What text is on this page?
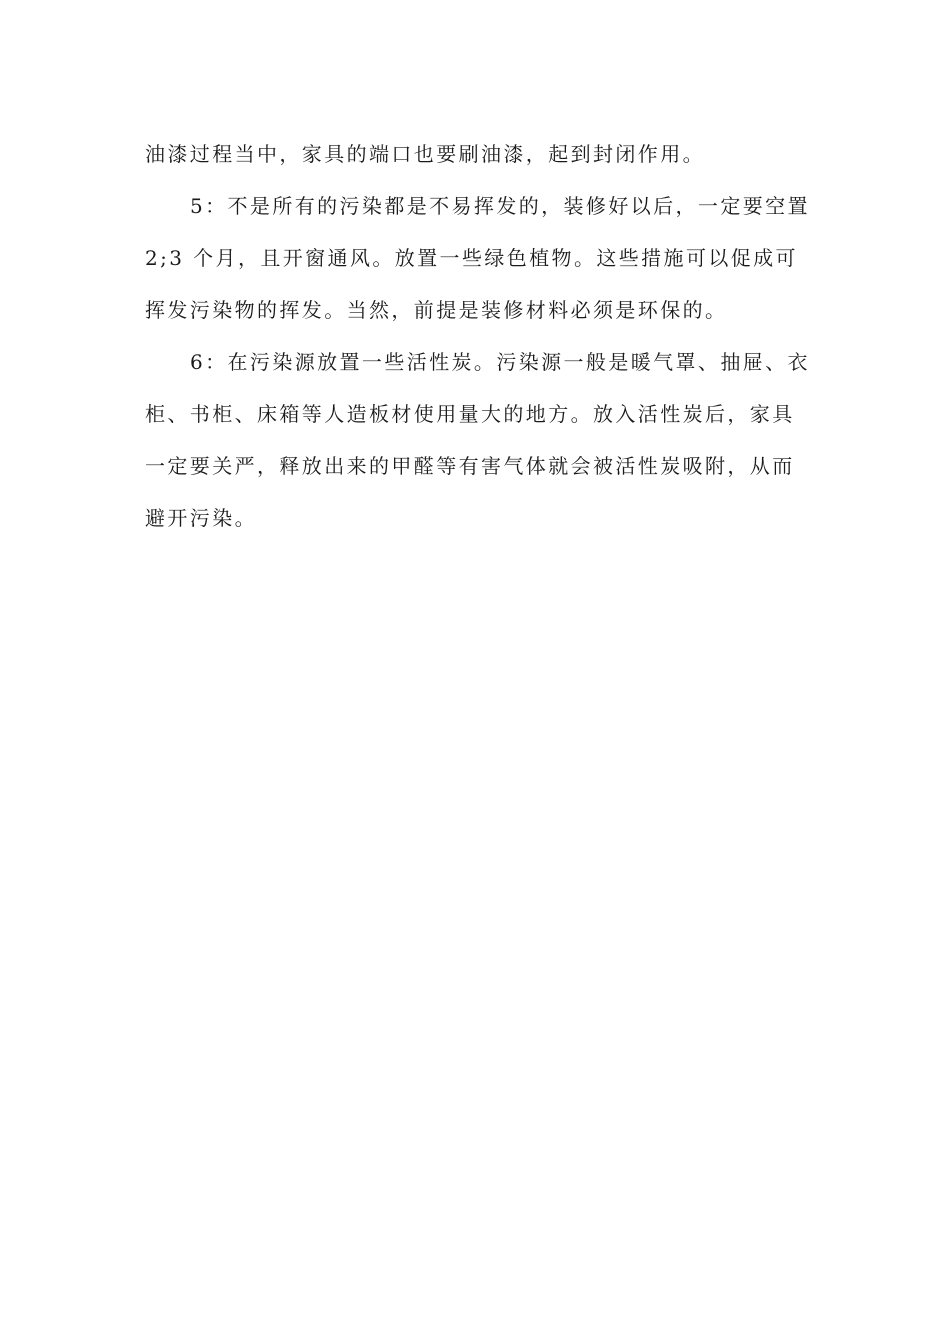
油漆过程当中，家具的端口也要刷油漆，起到封闭作用。
5：不是所有的污染都是不易挥发的，装修好以后，一定要空置
2;3 个月，且开窗通风。放置一些绿色植物。这些措施可以促成可
挥发污染物的挥发。当然，前提是装修材料必须是环保的。
6：在污染源放置一些活性炭。污染源一般是暖气罩、抽屉、衣
柜、书柜、床箱等人造板材使用量大的地方。放入活性炭后，家具
一定要关严，释放出来的甲醛等有害气体就会被活性炭吸附，从而
避开污染。
